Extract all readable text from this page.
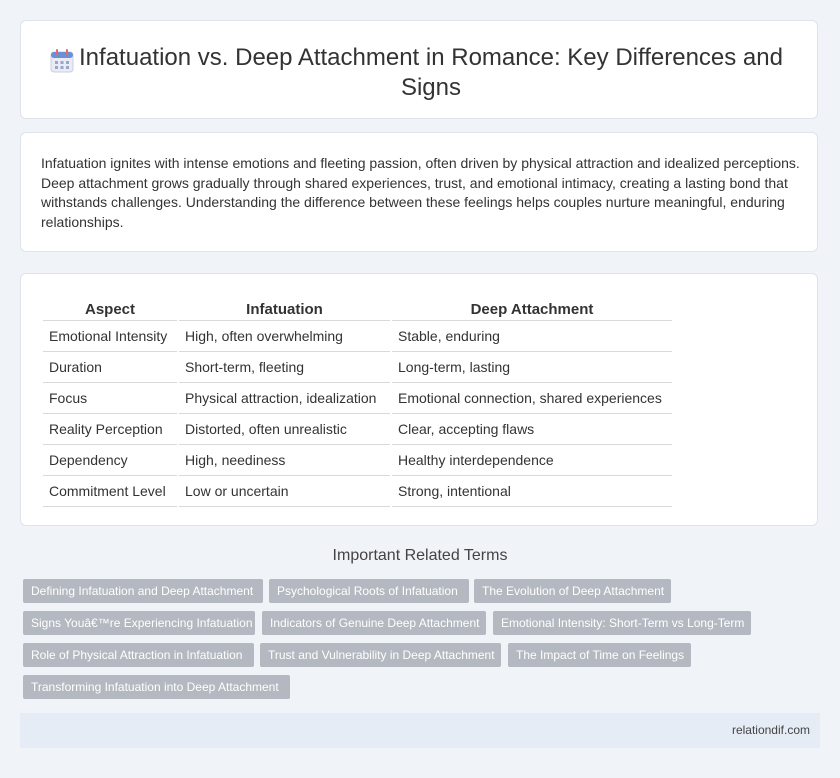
Infatuation vs. Deep Attachment in Romance: Key Differences and Signs

Infatuation ignites with intense emotions and fleeting passion, often driven by physical attraction and idealized perceptions. Deep attachment grows gradually through shared experiences, trust, and emotional intimacy, creating a lasting bond that withstands challenges. Understanding the difference between these feelings helps couples nurture meaningful, enduring relationships.

Aspect	Infatuation	Deep Attachment
Emotional Intensity	High, often overwhelming	Stable, enduring
Duration	Short-term, fleeting	Long-term, lasting
Focus	Physical attraction, idealization	Emotional connection, shared experiences
Reality Perception	Distorted, often unrealistic	Clear, accepting flaws
Dependency	High, neediness	Healthy interdependence
Commitment Level	Low or uncertain	Strong, intentional
Important Related Terms
Defining Infatuation and Deep Attachment	Psychological Roots of Infatuation	The Evolution of Deep Attachment
Signs Youâ€™re Experiencing Infatuation	Indicators of Genuine Deep Attachment	Emotional Intensity: Short-Term vs Long-Term
Role of Physical Attraction in Infatuation	Trust and Vulnerability in Deep Attachment	The Impact of Time on Feelings
Transforming Infatuation into Deep Attachment
relationdif.com
